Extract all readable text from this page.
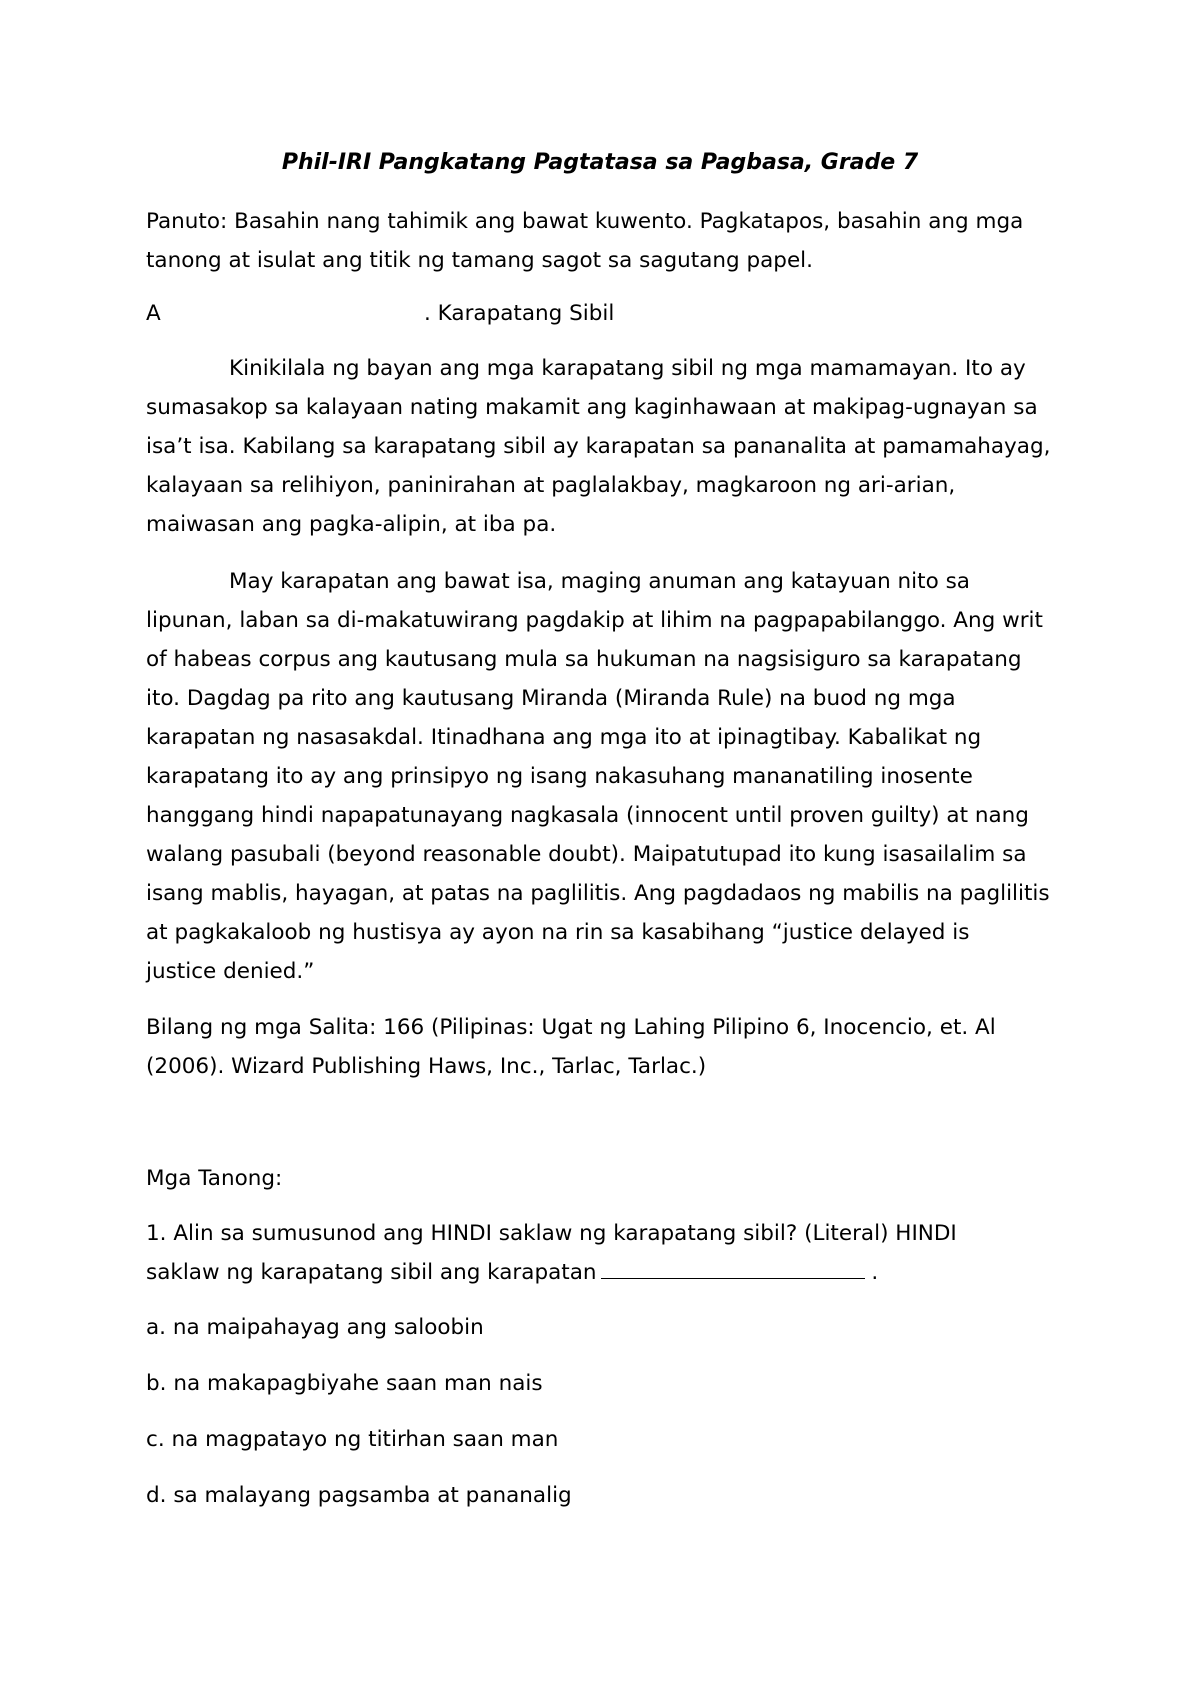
Phil-IRI Pangkatang Pagtatasa sa Pagbasa, Grade 7
Panuto: Basahin nang tahimik ang bawat kuwento. Pagkatapos, basahin ang mga
tanong at isulat ang titik ng tamang sagot sa sagutang papel.
A	. Karapatang Sibil
Kinikilala ng bayan ang mga karapatang sibil ng mga mamamayan. Ito ay
sumasakop sa kalayaan nating makamit ang kaginhawaan at makipag-ugnayan sa
isa’t isa. Kabilang sa karapatang sibil ay karapatan sa pananalita at pamamahayag,
kalayaan sa relihiyon, paninirahan at paglalakbay, magkaroon ng ari-arian,
maiwasan ang pagka-alipin, at iba pa.
May karapatan ang bawat isa, maging anuman ang katayuan nito sa
lipunan, laban sa di-makatuwirang pagdakip at lihim na pagpapabilanggo. Ang writ
of habeas corpus ang kautusang mula sa hukuman na nagsisiguro sa karapatang
ito. Dagdag pa rito ang kautusang Miranda (Miranda Rule) na buod ng mga
karapatan ng nasasakdal. Itinadhana ang mga ito at ipinagtibay. Kabalikat ng
karapatang ito ay ang prinsipyo ng isang nakasuhang mananatiling inosente
hanggang hindi napapatunayang nagkasala (innocent until proven guilty) at nang
walang pasubali (beyond reasonable doubt). Maipatutupad ito kung isasailalim sa
isang mablis, hayagan, at patas na paglilitis. Ang pagdadaos ng mabilis na paglilitis
at pagkakaloob ng hustisya ay ayon na rin sa kasabihang “justice delayed is
justice denied.”
Bilang ng mga Salita: 166 (Pilipinas: Ugat ng Lahing Pilipino 6, Inocencio, et. Al
(2006). Wizard Publishing Haws, Inc., Tarlac, Tarlac.)
Mga Tanong:
1. Alin sa sumusunod ang HINDI saklaw ng karapatang sibil? (Literal) HINDI
saklaw ng karapatang sibil ang karapatan	.
a. na maipahayag ang saloobin
b. na makapagbiyahe saan man nais
c. na magpatayo ng titirhan saan man
d. sa malayang pagsamba at pananalig
